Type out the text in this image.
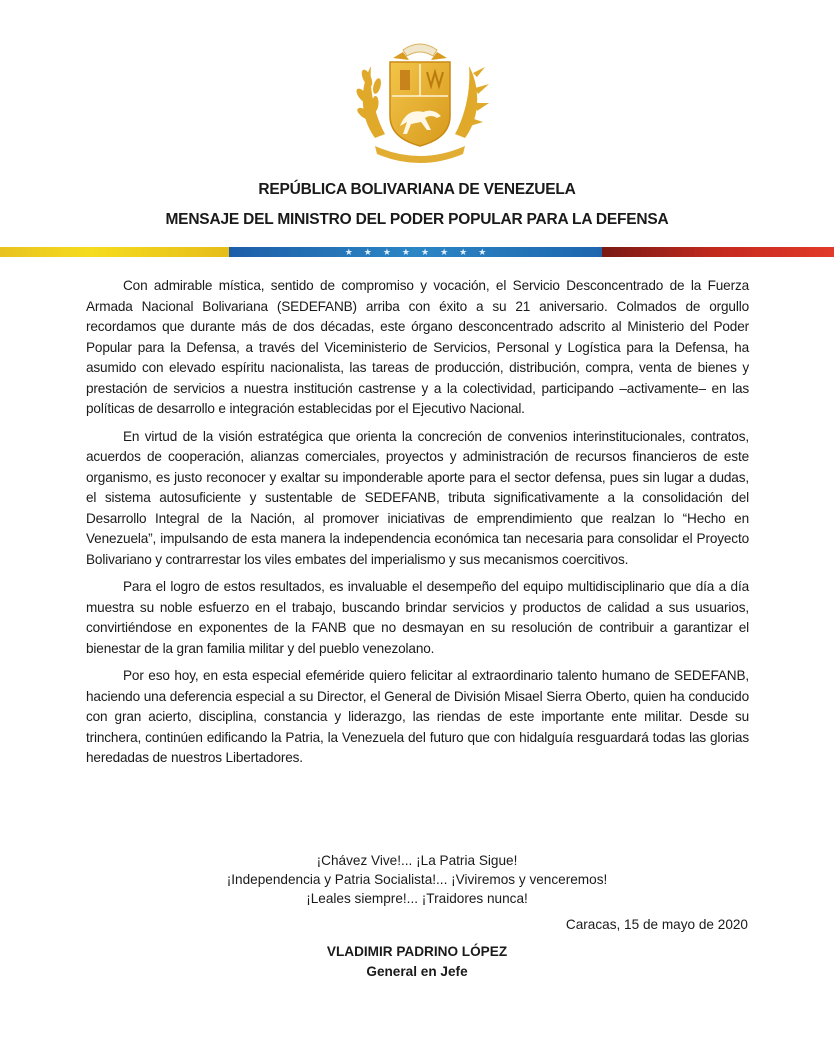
REPÚBLICA BOLIVARIANA DE VENEZUELA
MENSAJE DEL MINISTRO DEL PODER POPULAR PARA LA DEFENSA
★ ★ ★ ★ ★ ★ ★ ★

Con admirable mística, sentido de compromiso y vocación, el Servicio Desconcentrado de la Fuerza Armada Nacional Bolivariana (SEDEFANB) arriba con éxito a su 21 aniversario. Colmados de orgullo recordamos que durante más de dos décadas, este órgano desconcentrado adscrito al Ministerio del Poder Popular para la Defensa, a través del Viceministerio de Servicios, Personal y Logística para la Defensa, ha asumido con elevado espíritu nacionalista, las tareas de producción, distribución, compra, venta de bienes y prestación de servicios a nuestra institución castrense y a la colectividad, participando –activamente– en las políticas de desarrollo e integración establecidas por el Ejecutivo Nacional.

En virtud de la visión estratégica que orienta la concreción de convenios interinstitucionales, contratos, acuerdos de cooperación, alianzas comerciales, proyectos y administración de recursos financieros de este organismo, es justo reconocer y exaltar su imponderable aporte para el sector defensa, pues sin lugar a dudas, el sistema autosuficiente y sustentable de SEDEFANB, tributa significativamente a la consolidación del Desarrollo Integral de la Nación, al promover iniciativas de emprendimiento que realzan lo “Hecho en Venezuela”, impulsando de esta manera la independencia económica tan necesaria para consolidar el Proyecto Bolivariano y contrarrestar los viles embates del imperialismo y sus mecanismos coercitivos.

Para el logro de estos resultados, es invaluable el desempeño del equipo multidisciplinario que día a día muestra su noble esfuerzo en el trabajo, buscando brindar servicios y productos de calidad a sus usuarios, convirtiéndose en exponentes de la FANB que no desmayan en su resolución de contribuir a garantizar el bienestar de la gran familia militar y del pueblo venezolano.

Por eso hoy, en esta especial efeméride quiero felicitar al extraordinario talento humano de SEDEFANB, haciendo una deferencia especial a su Director, el General de División Misael Sierra Oberto, quien ha conducido con gran acierto, disciplina, constancia y liderazgo, las riendas de este importante ente militar. Desde su trinchera, continúen edificando la Patria, la Venezuela del futuro que con hidalguía resguardará todas las glorias heredadas de nuestros Libertadores.

¡Chávez Vive!... ¡La Patria Sigue!
¡Independencia y Patria Socialista!... ¡Viviremos y venceremos!
¡Leales siempre!... ¡Traidores nunca!
Caracas, 15 de mayo de 2020
VLADIMIR PADRINO LÓPEZ
General en Jefe
